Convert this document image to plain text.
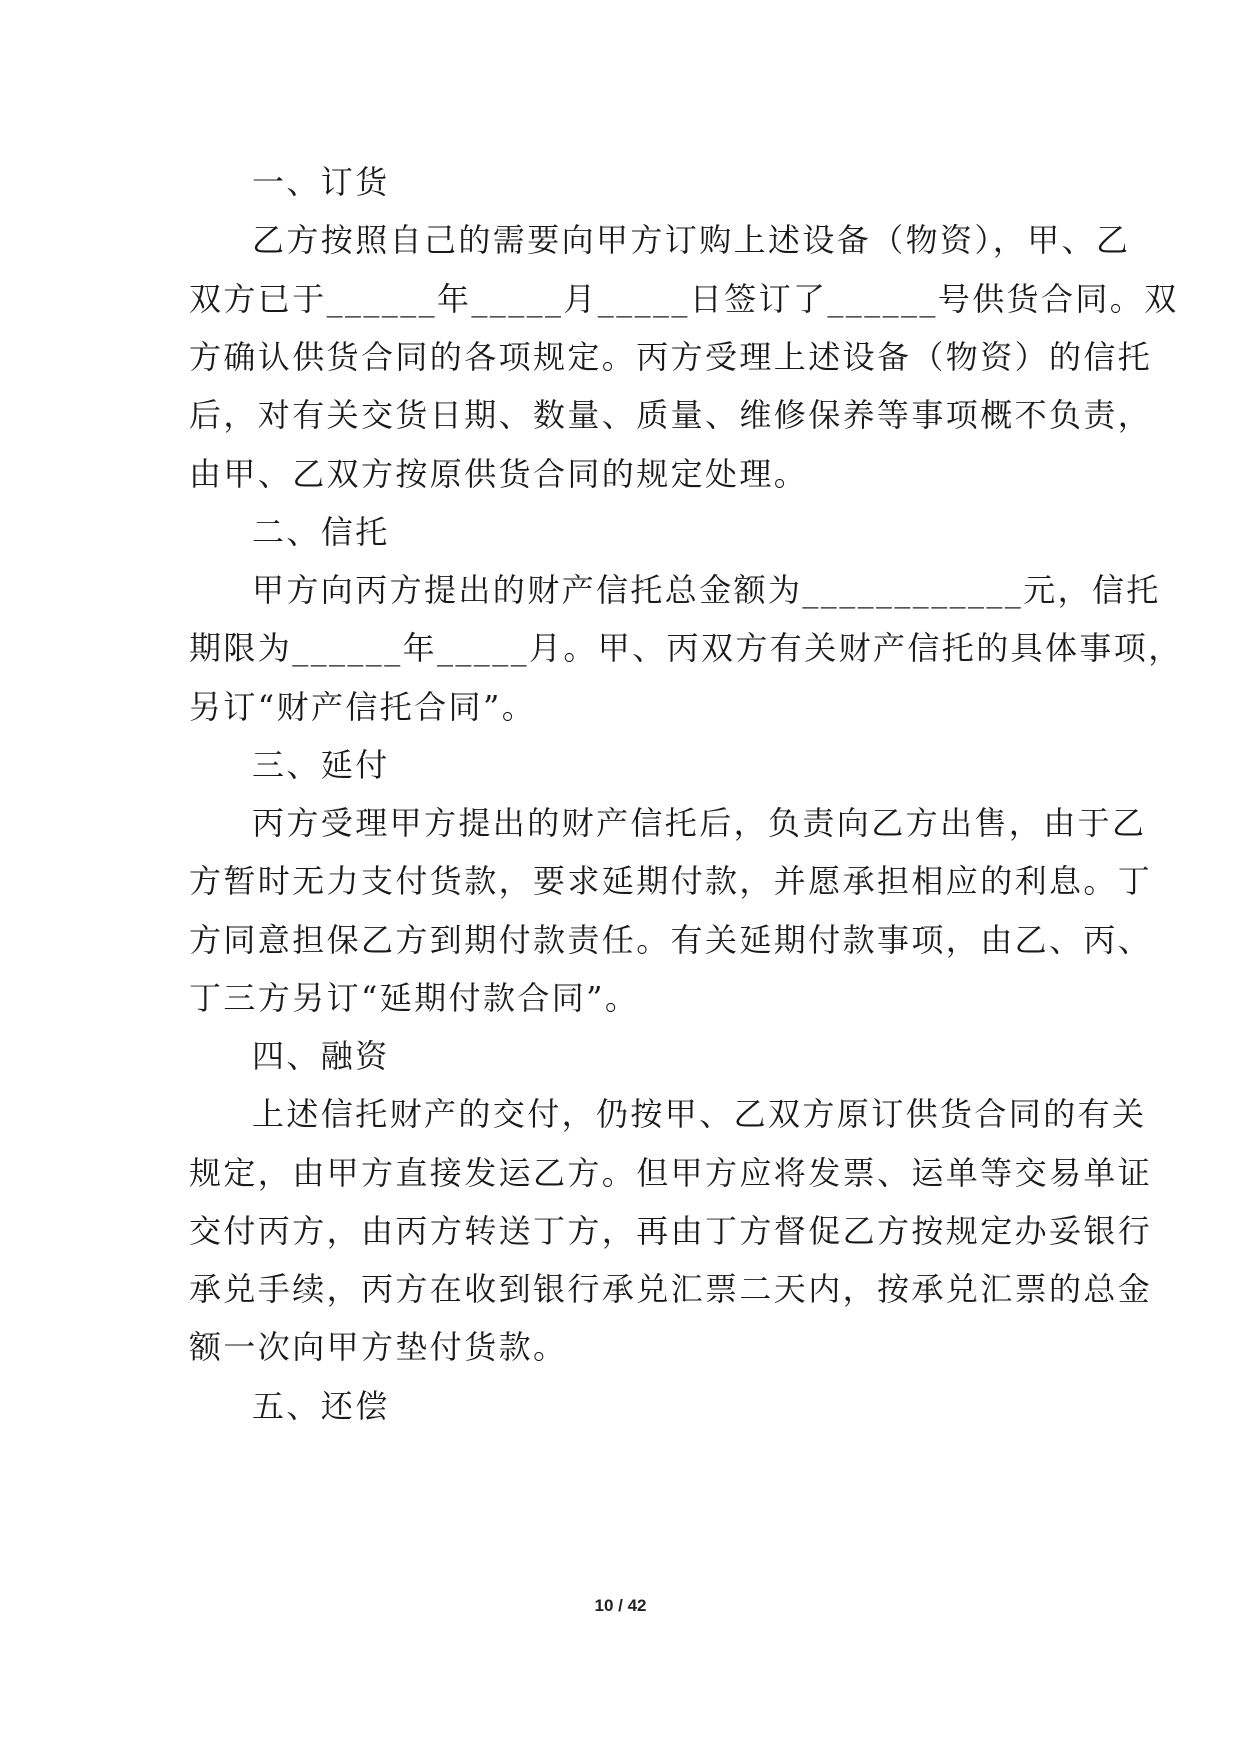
一、订货
乙方按照自己的需要向甲方订购上述设备（物资），甲、乙
双方已于______年_____月_____日签订了______号供货合同。双
方确认供货合同的各项规定。丙方受理上述设备（物资）的信托
后，对有关交货日期、数量、质量、维修保养等事项概不负责，
由甲、乙双方按原供货合同的规定处理。
二、信托
甲方向丙方提出的财产信托总金额为____________元，信托
期限为______年_____月。甲、丙双方有关财产信托的具体事项，
另订“财产信托合同”。
三、延付
丙方受理甲方提出的财产信托后，负责向乙方出售，由于乙
方暂时无力支付货款，要求延期付款，并愿承担相应的利息。丁
方同意担保乙方到期付款责任。有关延期付款事项，由乙、丙、
丁三方另订“延期付款合同”。
四、融资
上述信托财产的交付，仍按甲、乙双方原订供货合同的有关
规定，由甲方直接发运乙方。但甲方应将发票、运单等交易单证
交付丙方，由丙方转送丁方，再由丁方督促乙方按规定办妥银行
承兑手续，丙方在收到银行承兑汇票二天内，按承兑汇票的总金
额一次向甲方垫付货款。
五、还偿
10 / 42
